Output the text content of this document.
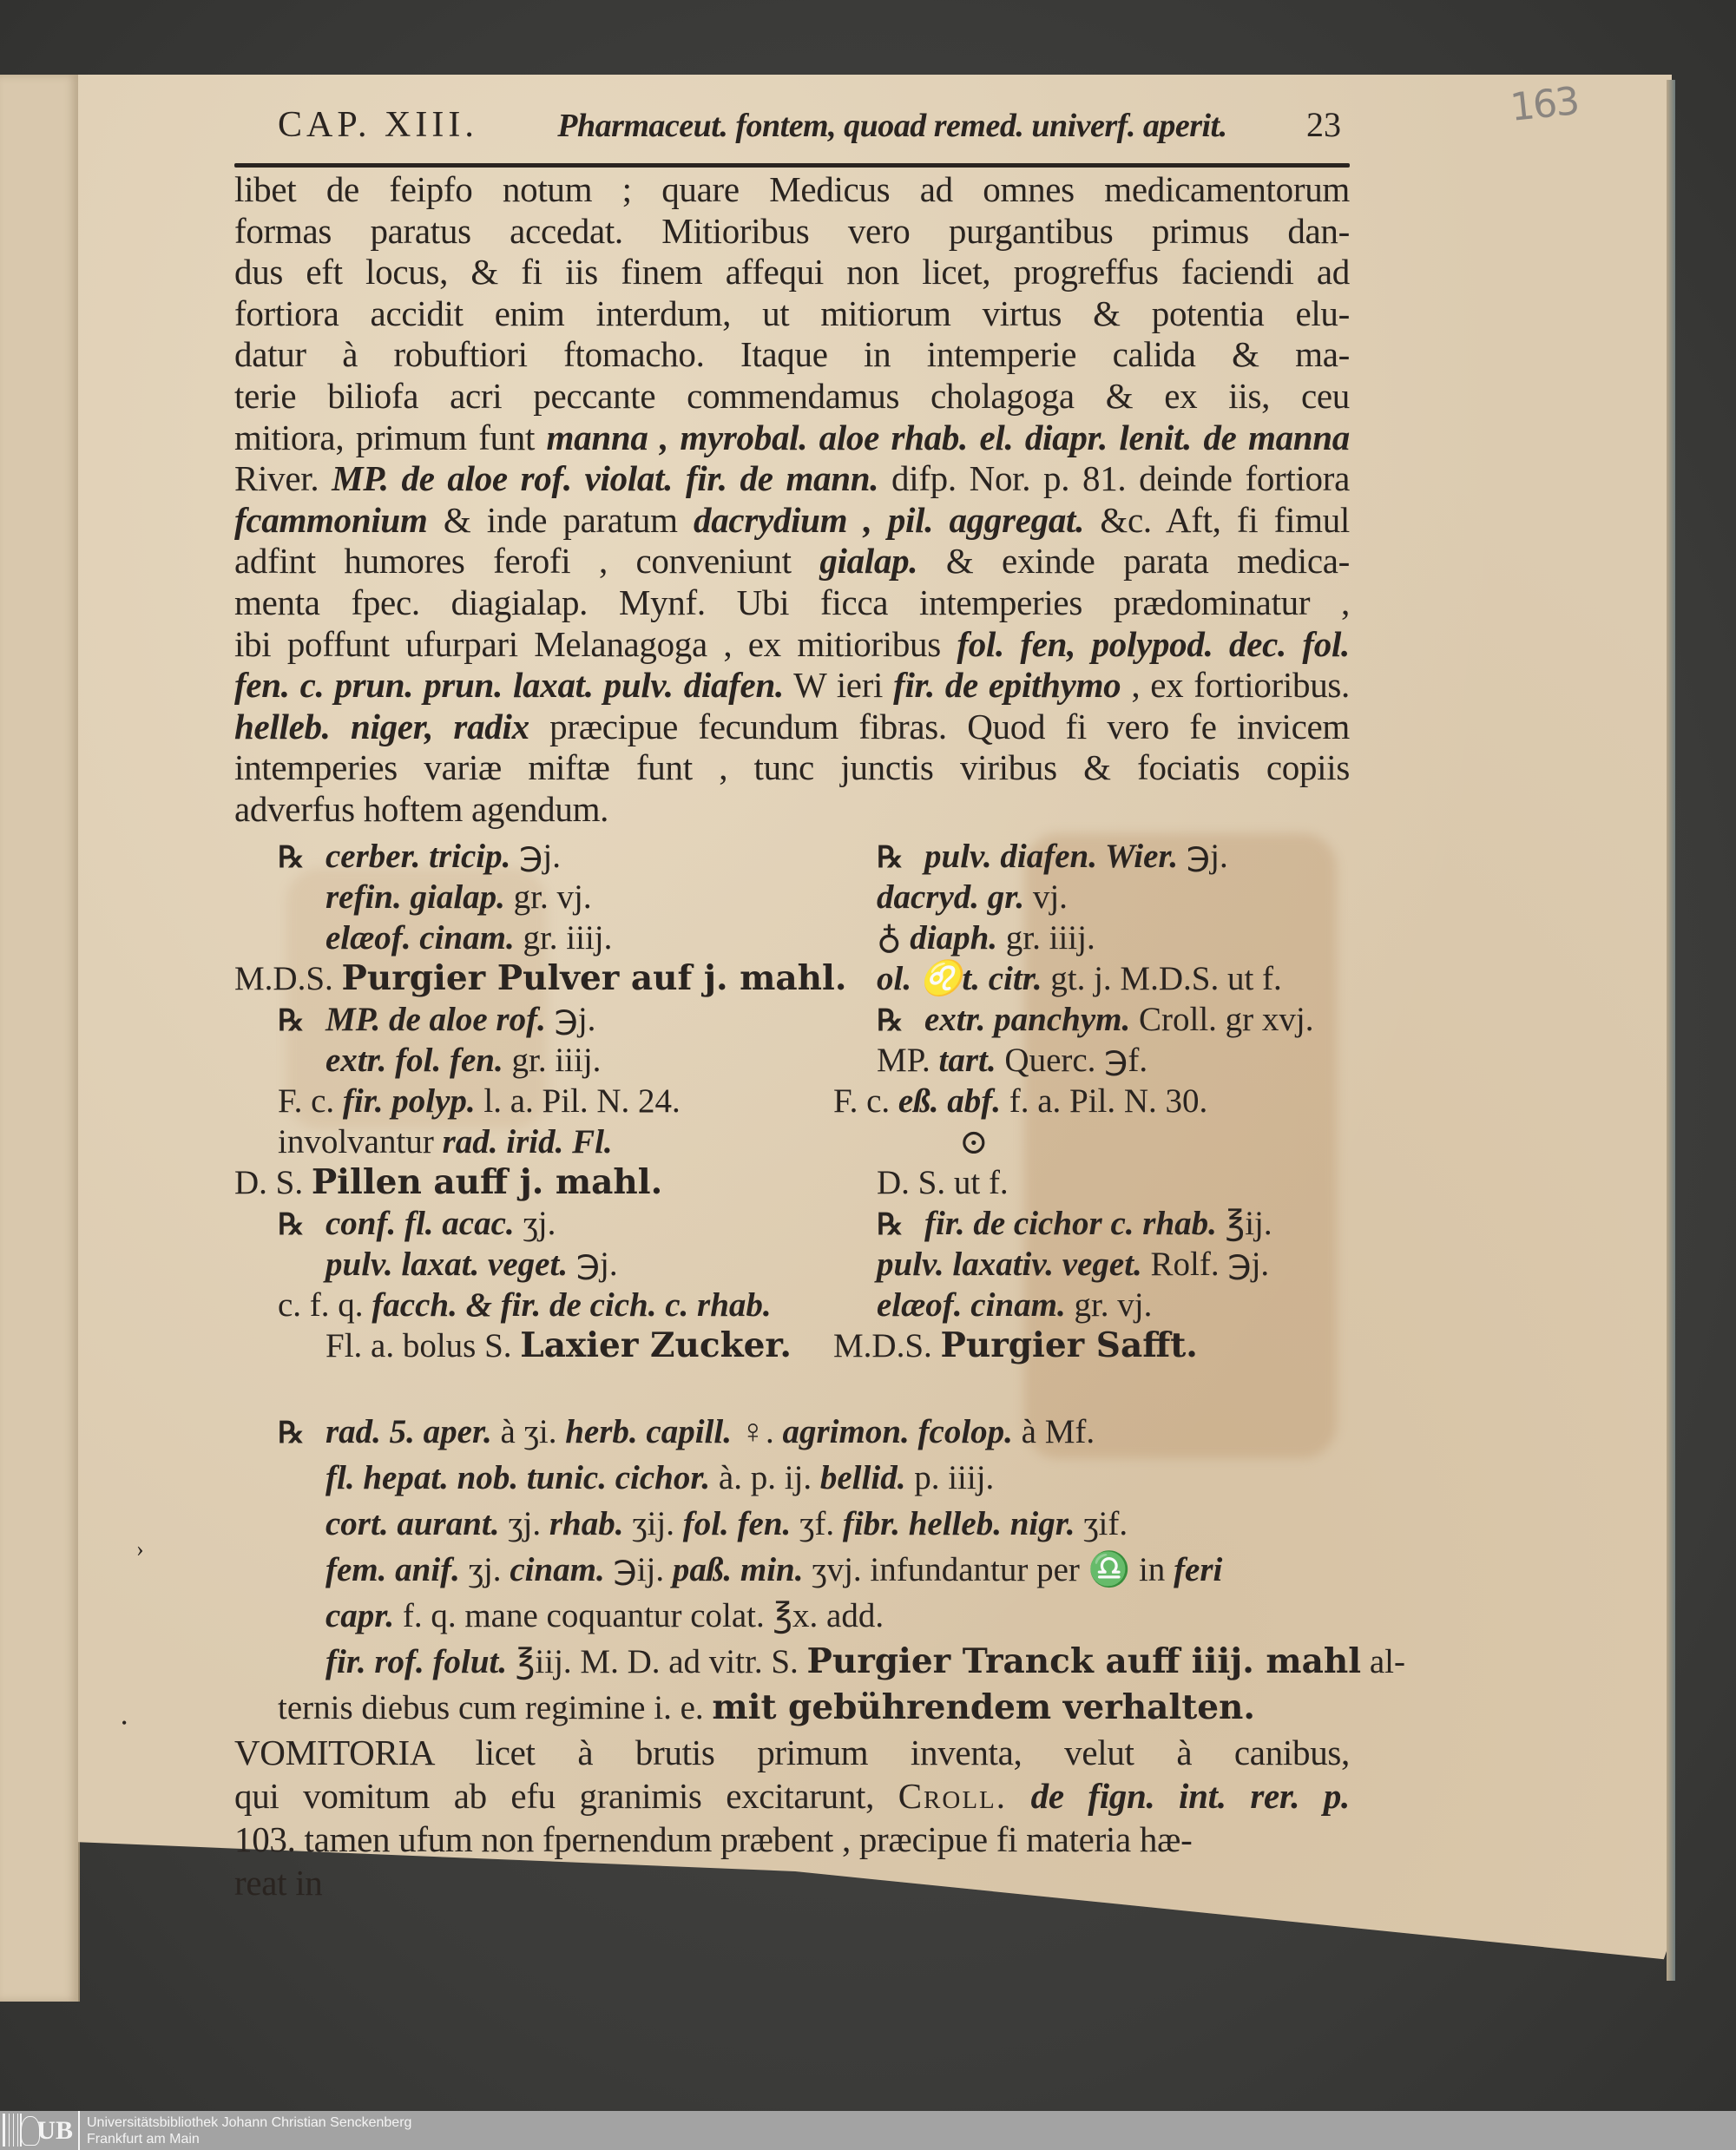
163
›
•
CAP. XIII. Pharmaceut. fontem, quoad remed. univerf. aperit. 23
libet de feipfo notum ; quare Medicus ad omnes medicamentorum
formas paratus accedat. Mitioribus vero purgantibus primus dan-
dus eft locus, & fi iis finem affequi non licet, progreffus faciendi ad
fortiora accidit enim interdum, ut mitiorum virtus & potentia elu-
datur à robuftiori ftomacho. Itaque in intemperie calida & ma-
terie biliofa acri peccante commendamus cholagoga & ex iis, ceu
mitiora, primum funt manna , myrobal. aloe rhab. el. diapr. lenit. de manna
River. MP. de aloe rof. violat. fir. de mann. difp. Nor. p. 81. deinde fortiora
fcammonium & inde paratum dacrydium , pil. aggregat. &c. Aft, fi fimul
adfint humores ferofi , conveniunt gialap. & exinde parata medica-
menta fpec. diagialap. Mynf. Ubi ficca intemperies prædominatur ,
ibi poffunt ufurpari Melanagoga , ex mitioribus fol. fen, polypod. dec. fol.
fen. c. prun. prun. laxat. pulv. diafen. W ieri fir. de epithymo , ex fortioribus.
helleb. niger, radix præcipue fecundum fibras. Quod fi vero fe invicem
intemperies variæ miftæ funt , tunc junctis viribus & fociatis copiis
adverfus hoftem agendum.
℞ cerber. tricip. ℈j.
refin. gialap. gr. vj.
elæof. cinam. gr. iiij.
M.D.S. Purgier Pulver auf j. mahl.
℞ MP. de aloe rof. ℈j.
extr. fol. fen. gr. iiij.
F. c. fir. polyp. l. a. Pil. N. 24.
involvantur rad. irid. Fl.
D. S. Pillen auff j. mahl.
℞ conf. fl. acac. ʒj.
pulv. laxat. veget. ℈j.
c. f. q. facch. & fir. de cich. c. rhab.
Fl. a. bolus S. Laxier Zucker.
℞ pulv. diafen. Wier. ℈j.
dacryd. gr. vj.
♁ diaph. gr. iiij.
ol. ♌t. citr. gt. j. M.D.S. ut f.
℞ extr. panchym. Croll. gr xvj.
MP. tart. Querc. ℈f.
F. c. eß. abf. f. a. Pil. N. 30.
⊙
D. S. ut f.
℞ fir. de cichor c. rhab. ℥ij.
pulv. laxativ. veget. Rolf. ℈j.
elæof. cinam. gr. vj.
M.D.S. Purgier Safft.
℞ rad. 5. aper. à ʒi. herb. capill. ♀. agrimon. fcolop. à Mf.
fl. hepat. nob. tunic. cichor. à. p. ij. bellid. p. iiij.
cort. aurant. ʒj. rhab. ʒij. fol. fen. ʒf. fibr. helleb. nigr. ʒif.
fem. anif. ʒj. cinam. ℈ij. paß. min. ʒvj. infundantur per ♎ in feri
capr. f. q. mane coquantur colat. ℥x. add.
fir. rof. folut. ℥iij. M. D. ad vitr. S. Purgier Tranck auff iiij. mahl al-
ternis diebus cum regimine i. e. mit gebührendem verhalten.
VOMITORIA licet à brutis primum inventa, velut à canibus,
qui vomitum ab efu granimis excitarunt, Croll. de fign. int. rer. p.
103. tamen ufum non fpernendum præbent , præcipue fi materia hæ-
reat in
UB Universitätsbibliothek Johann Christian Senckenberg
Frankfurt am Main
